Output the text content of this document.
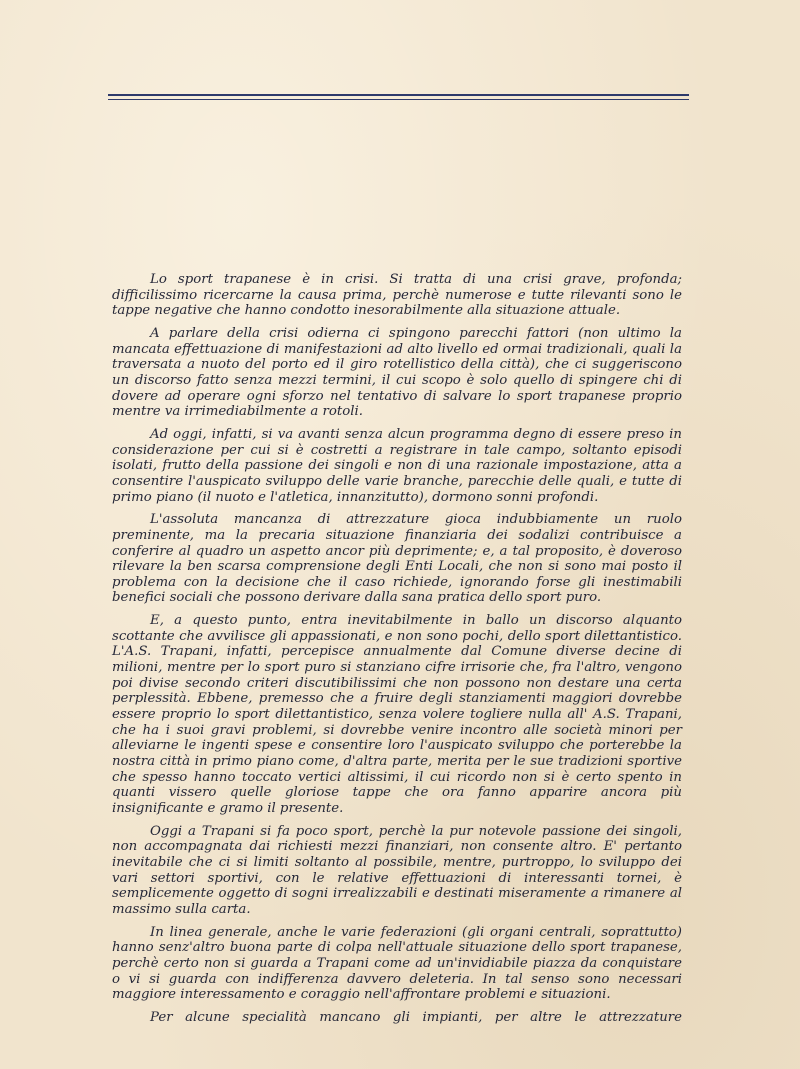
Lo sport trapanese è in crisi. Si tratta di una crisi grave, profonda; difficilissimo ricercarne la causa prima, perchè numerose e tutte rilevanti sono le tappe negative che hanno condotto inesorabilmente alla situazione attuale.

A parlare della crisi odierna ci spingono parecchi fattori (non ultimo la mancata effettuazione di manifestazioni ad alto livello ed ormai tradizionali, quali la traversata a nuoto del porto ed il giro rotellistico della città), che ci suggeriscono un discorso fatto senza mezzi termini, il cui scopo è solo quello di spingere chi di dovere ad operare ogni sforzo nel tentativo di salvare lo sport trapanese proprio mentre va irrimediabilmente a rotoli.

Ad oggi, infatti, si va avanti senza alcun programma degno di essere preso in considerazione per cui si è costretti a registrare in tale campo, soltanto episodi isolati, frutto della passione dei singoli e non di una razionale impostazione, atta a consentire l'auspicato sviluppo delle varie branche, parecchie delle quali, e tutte di primo piano (il nuoto e l'atletica, innanzitutto), dormono sonni profondi.

L'assoluta mancanza di attrezzature gioca indubbiamente un ruolo preminente, ma la precaria situazione finanziaria dei sodalizi contribuisce a conferire al quadro un aspetto ancor più deprimente; e, a tal proposito, è doveroso rilevare la ben scarsa comprensione degli Enti Locali, che non si sono mai posto il problema con la decisione che il caso richiede, ignorando forse gli inestimabili benefici sociali che possono derivare dalla sana pratica dello sport puro.

E, a questo punto, entra inevitabilmente in ballo un discorso alquanto scottante che avvilisce gli appassionati, e non sono pochi, dello sport dilettantistico. L'A.S. Trapani, infatti, percepisce annualmente dal Comune diverse decine di milioni, mentre per lo sport puro si stanziano cifre irrisorie che, fra l'altro, vengono poi divise secondo criteri discutibilissimi che non possono non destare una certa perplessità. Ebbene, premesso che a fruire degli stanziamenti maggiori dovrebbe essere proprio lo sport dilettantistico, senza volere togliere nulla all' A.S. Trapani, che ha i suoi gravi problemi, si dovrebbe venire incontro alle società minori per alleviarne le ingenti spese e consentire loro l'auspicato sviluppo che porterebbe la nostra città in primo piano come, d'altra parte, merita per le sue tradizioni sportive che spesso hanno toccato vertici altissimi, il cui ricordo non si è certo spento in quanti vissero quelle gloriose tappe che ora fanno apparire ancora più insignificante e gramo il presente.

Oggi a Trapani si fa poco sport, perchè la pur notevole passione dei singoli, non accompagnata dai richiesti mezzi finanziari, non consente altro. E' pertanto inevitabile che ci si limiti soltanto al possibile, mentre, purtroppo, lo sviluppo dei vari settori sportivi, con le relative effettuazioni di interessanti tornei, è semplicemente oggetto di sogni irrealizzabili e destinati miseramente a rimanere al massimo sulla carta.

In linea generale, anche le varie federazioni (gli organi centrali, soprattutto) hanno senz'altro buona parte di colpa nell'attuale situazione dello sport trapanese, perchè certo non si guarda a Trapani come ad un'invidiabile piazza da conquistare o vi si guarda con indifferenza davvero deleteria. In tal senso sono necessari maggiore interessamento e coraggio nell'affrontare problemi e situazioni.

Per alcune specialità mancano gli impianti, per altre le attrezzature
